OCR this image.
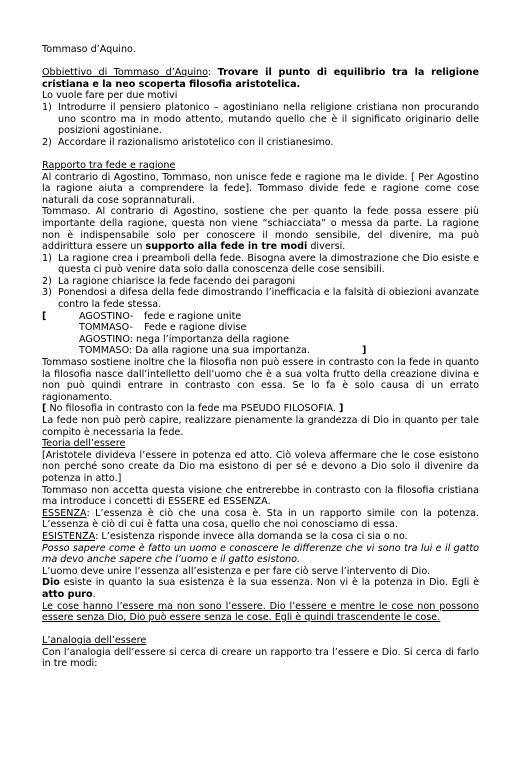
Tommaso d’Aquino.

Obbiettivo di Tommaso d’Aquino: Trovare il punto di equilibrio tra la religione cristiana e la neo scoperta filosofia aristotelica.

Lo vuole fare per due motivi

1) Introdurre il pensiero platonico – agostiniano nella religione cristiana non procurando uno scontro ma in modo attento, mutando quello che è il significato originario delle posizioni agostiniane.
2) Accordare il razionalismo aristotelico con il cristianesimo.

Rapporto tra fede e ragione

Al contrario di Agostino, Tommaso, non unisce fede e ragione ma le divide. [ Per Agostino la ragione aiuta a comprendere la fede]. Tommaso divide fede e ragione come cose naturali da cose soprannaturali.

Tommaso. Al contrario di Agostino, sostiene che per quanto la fede possa essere più importante della ragione, questa non viene “schiacciata” o messa da parte. La ragione non è indispensabile solo per conoscere il mondo sensibile, del divenire, ma può addirittura essere un supporto alla fede in tre modi diversi.

1) La ragione crea i preamboli della fede. Bisogna avere la dimostrazione che Dio esiste e questa ci può venire data solo dalla conoscenza delle cose sensibili.
2) La ragione chiarisce la fede facendo dei paragoni
3) Ponendosi a difesa della fede dimostrando l’inefficacia e la falsità di obiezioni avanzate contro la fede stessa.
[	AGOSTINO- fede e ragione unite
TOMMASO- Fede e ragione divise
AGOSTINO: nega l’importanza della ragione
TOMMASO: Da alla ragione una sua importanza.	]

Tommaso sostiene inoltre che la filosofia non può essere in contrasto con la fede in quanto la filosofia nasce dall’intelletto dell’uomo che è a sua volta frutto della creazione divina e non può quindi entrare in contrasto con essa. Se lo fa è solo causa di un errato ragionamento.

[ No filosofia in contrasto con la fede ma PSEUDO FILOSOFIA. ]

La fede non può però capire, realizzare pienamente la grandezza di Dio in quanto per tale compito è necessaria la fede.

Teoria dell’essere

[Aristotele divideva l’essere in potenza ed atto. Ciò voleva affermare che le cose esistono non perché sono create da Dio ma esistono di per sé e devono a Dio solo il divenire da potenza in atto.]

Tommaso non accetta questa visione che entrerebbe in contrasto con la filosofia cristiana ma introduce i concetti di ESSERE ed ESSENZA.

ESSENZA: L’essenza è ciò che una cosa è. Sta in un rapporto simile con la potenza. L’essenza è ciò di cui è fatta una cosa, quello che noi conosciamo di essa.

ESISTENZA: L’esistenza risponde invece alla domanda se la cosa ci sia o no.

Posso sapere come è fatto un uomo e conoscere le differenze che vi sono tra lui e il gatto ma devo anche sapere che l’uomo e il gatto esistono.

L’uomo deve unire l’essenza all’esistenza e per fare ciò serve l’intervento di Dio.

Dio esiste in quanto la sua esistenza è la sua essenza. Non vi è la potenza in Dio. Egli è atto puro.

Le cose hanno l’essere ma non sono l’essere. Dio l’essere e mentre le cose non possono essere senza Dio, Dio può essere senza le cose. Egli è quindi trascendente le cose.

L’analogia dell’essere

Con l’analogia dell’essere si cerca di creare un rapporto tra l’essere e Dio. Si cerca di farlo in tre modi:
